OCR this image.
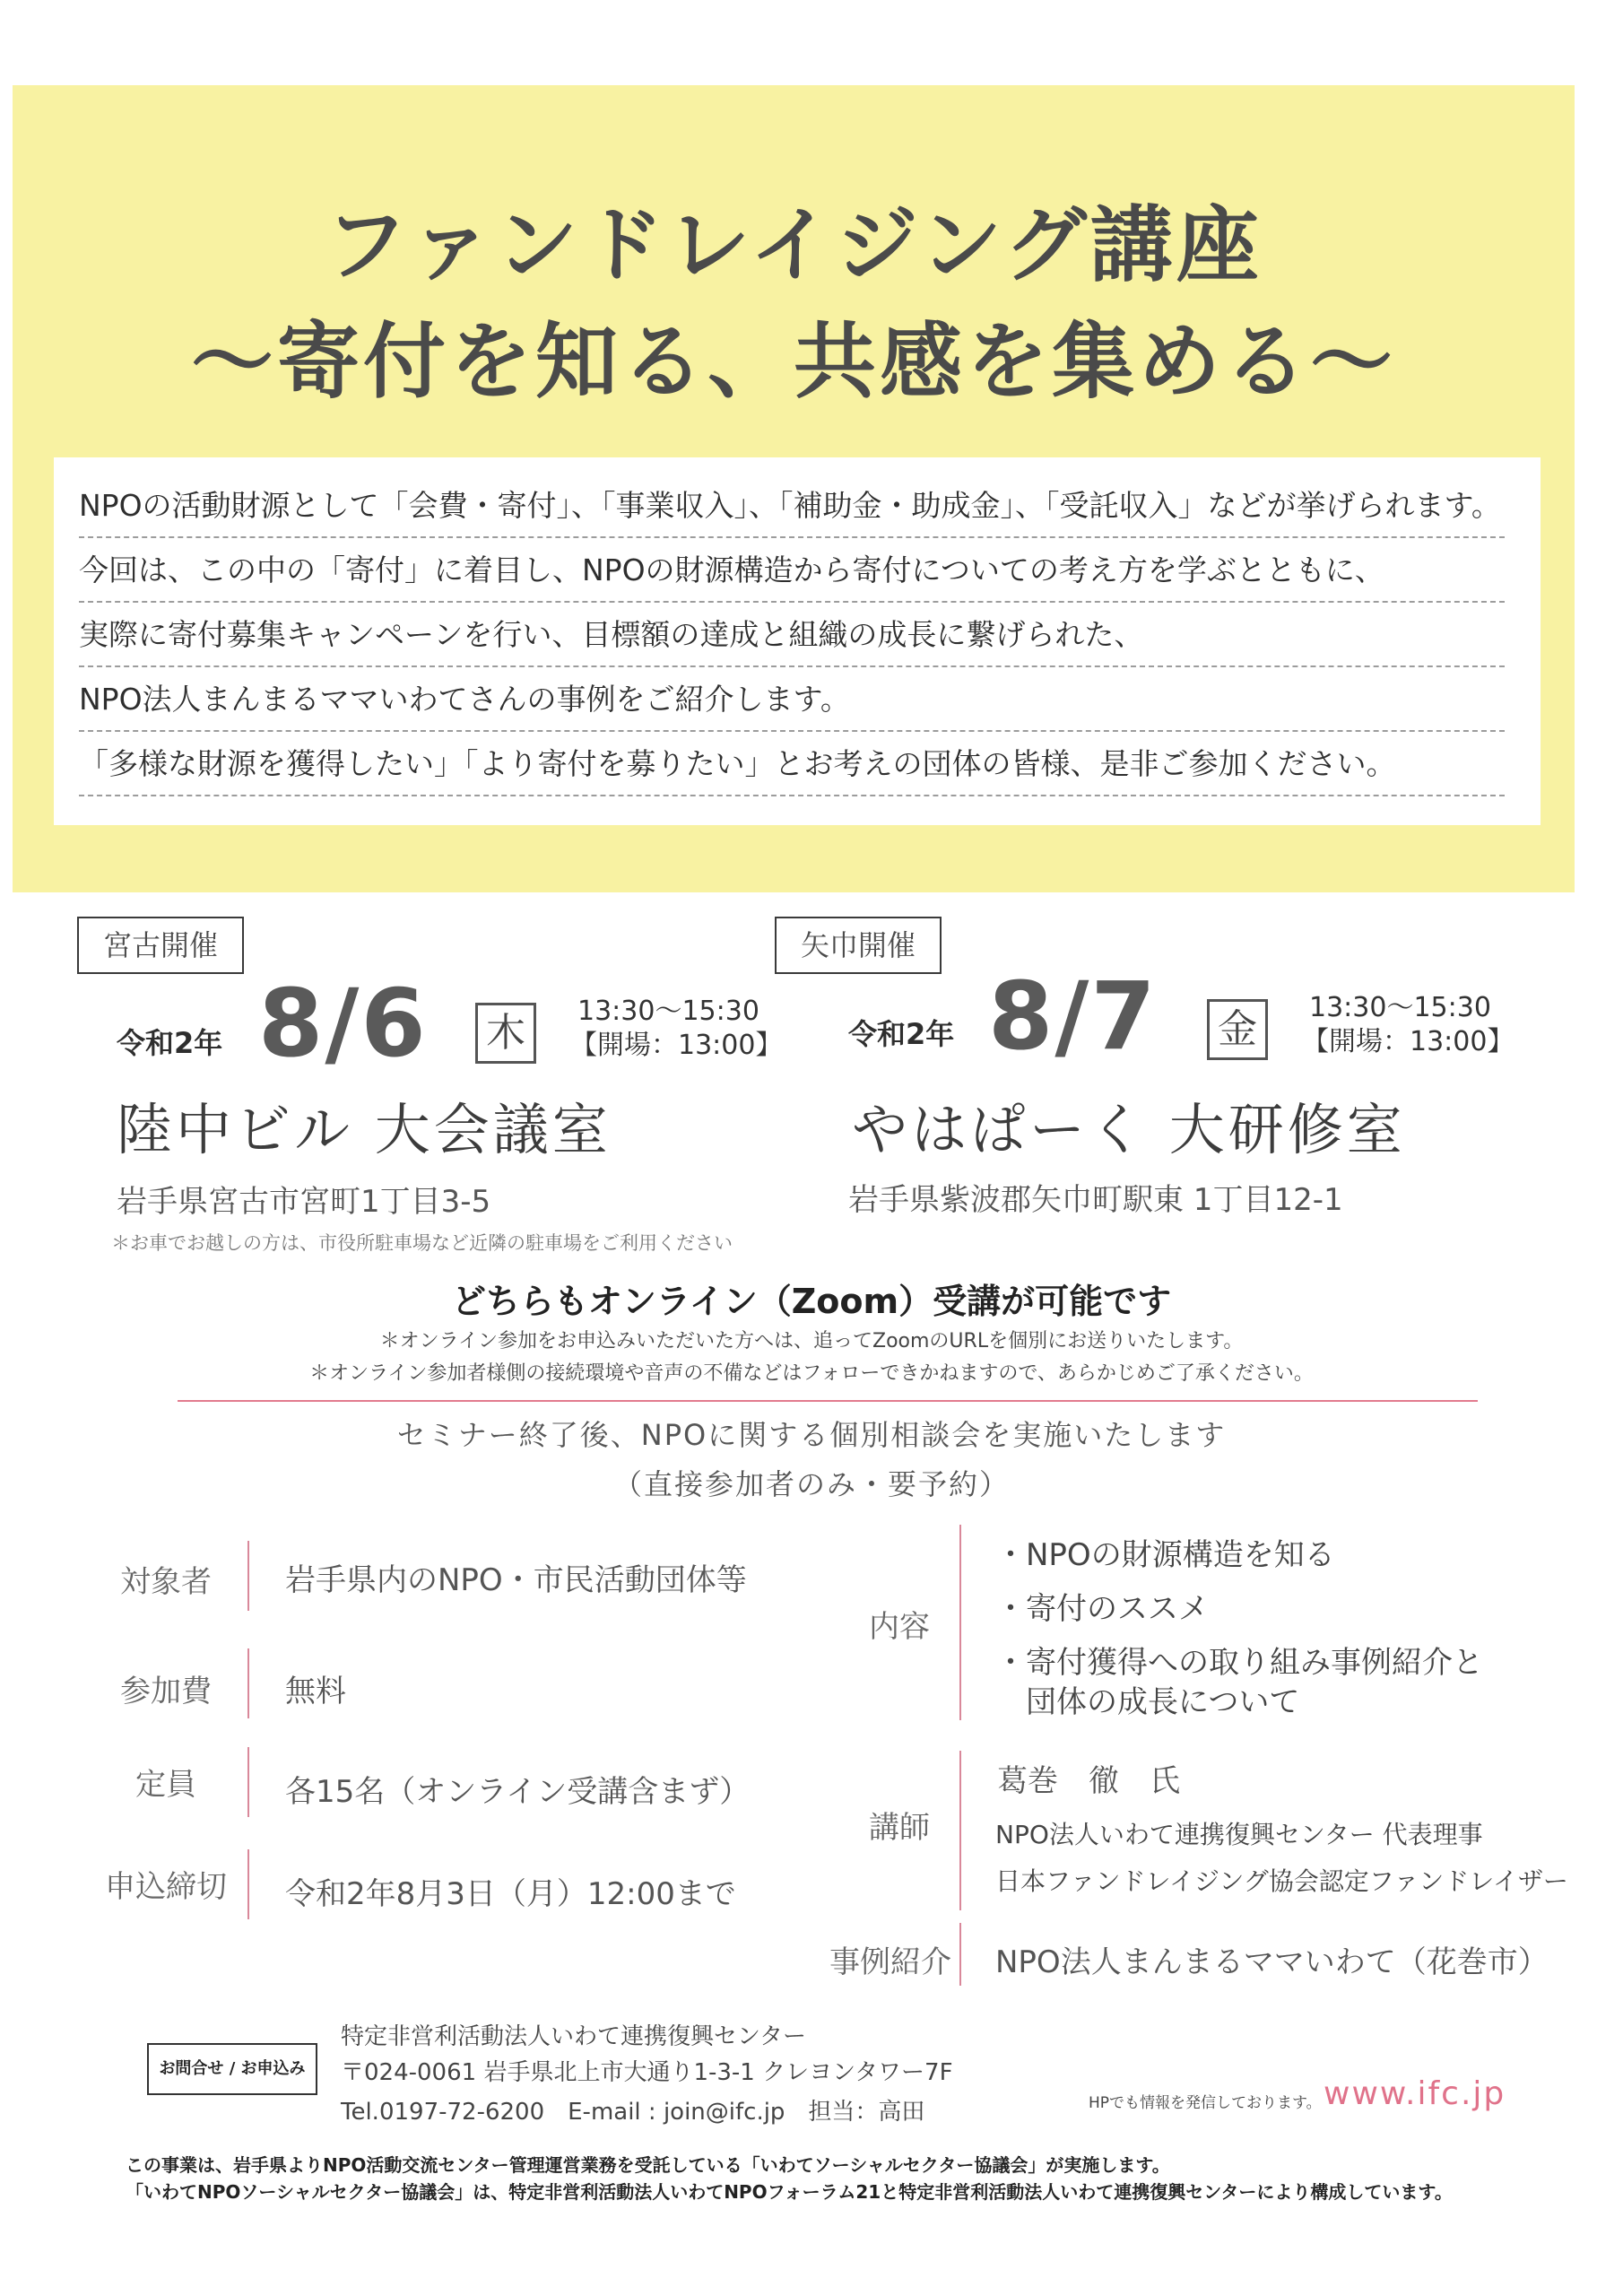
ファンドレイジング講座
～寄付を知る、共感を集める～
NPOの活動財源として「会費・寄付」、「事業収入」、「補助金・助成金」、「受託収入」などが挙げられます。
今回は、この中の「寄付」に着目し、NPOの財源構造から寄付についての考え方を学ぶとともに、
実際に寄付募集キャンペーンを行い、目標額の達成と組織の成長に繋げられた、
NPO法人まんまるママいわてさんの事例をご紹介します。
「多様な財源を獲得したい」「より寄付を募りたい」とお考えの団体の皆様、是非ご参加ください。
宮古開催
令和2年 8/6 木	13:30～15:30
【開場：13:00】
陸中ビル 大会議室
岩手県宮古市宮町1丁目3-5
＊お車でお越しの方は、市役所駐車場など近隣の駐車場をご利用ください
矢巾開催
令和2年 8/7 金	13:30～15:30
【開場：13:00】
やはぱーく 大研修室
岩手県紫波郡矢巾町駅東 1丁目12-1
どちらもオンライン（Zoom）受講が可能です
＊オンライン参加をお申込みいただいた方へは、追ってZoomのURLを個別にお送りいたします。
＊オンライン参加者様側の接続環境や音声の不備などはフォローできかねますので、あらかじめご了承ください。
セミナー終了後、NPOに関する個別相談会を実施いたします
（直接参加者のみ・要予約）
対象者	岩手県内のNPO・市民活動団体等
参加費	無料
定員	各15名（オンライン受講含まず）
申込締切	令和2年8月3日（月）12:00まで
内容
・NPOの財源構造を知る
・寄付のススメ
・寄付獲得への取り組み事例紹介と
　団体の成長について
講師
葛巻　徹　氏
NPO法人いわて連携復興センター 代表理事
日本ファンドレイジング協会認定ファンドレイザー
事例紹介 NPO法人まんまるママいわて（花巻市）
お問合せ / お申込み
特定非営利活動法人いわて連携復興センター
〒024-0061 岩手県北上市大通り1-3-1 クレヨンタワー7F
Tel.0197-72-6200　E-mail : join@ifc.jp　担当：高田	HPでも情報を発信しております。 www.ifc.jp
この事業は、岩手県よりNPO活動交流センター管理運営業務を受託している「いわてソーシャルセクター協議会」が実施します。
「いわてNPOソーシャルセクター協議会」は、特定非営利活動法人いわてNPOフォーラム21と特定非営利活動法人いわて連携復興センターにより構成しています。
